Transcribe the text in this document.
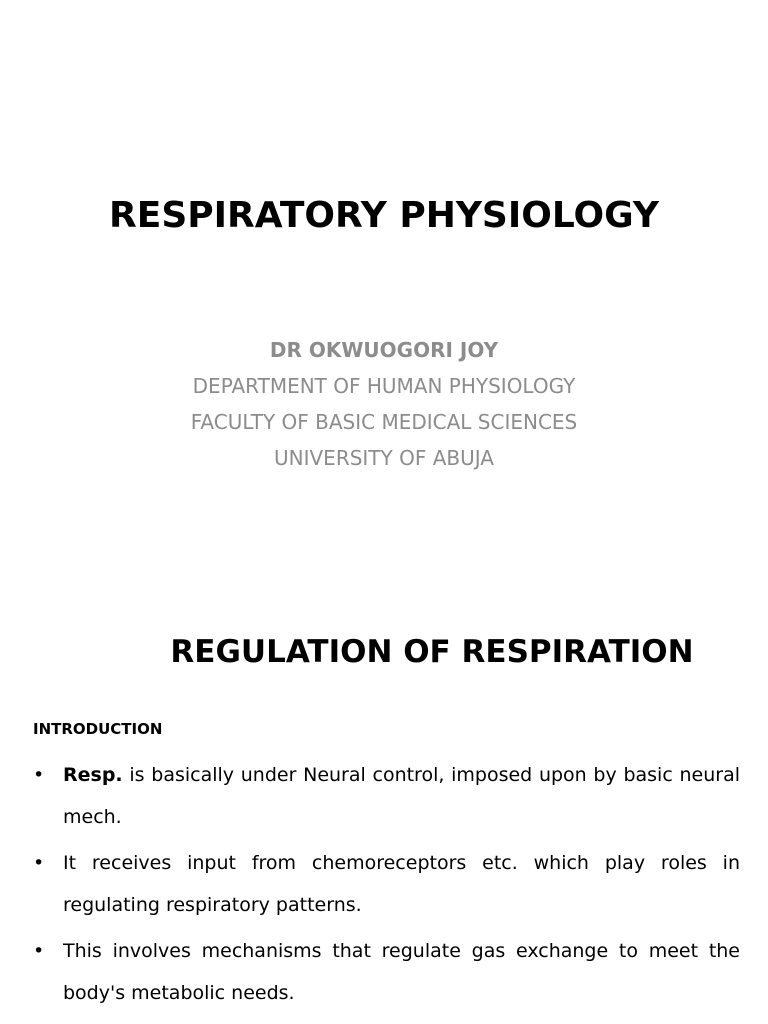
RESPIRATORY PHYSIOLOGY
DR OKWUOGORI JOY
DEPARTMENT OF HUMAN PHYSIOLOGY
FACULTY OF BASIC MEDICAL SCIENCES
UNIVERSITY OF ABUJA
REGULATION OF RESPIRATION
INTRODUCTION
• Resp. is basically under Neural control, imposed upon by basic neural mech.
• It receives input from chemoreceptors etc. which play roles in regulating respiratory patterns.
• This involves mechanisms that regulate gas exchange to meet the body's metabolic needs.
